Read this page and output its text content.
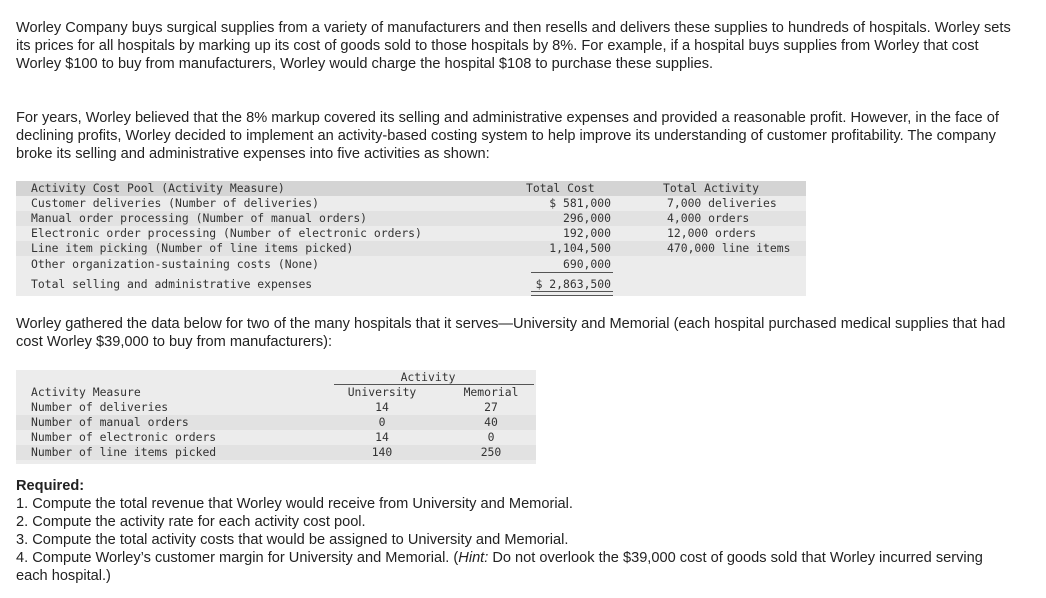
Worley Company buys surgical supplies from a variety of manufacturers and then resells and delivers these supplies to hundreds of hospitals. Worley sets its prices for all hospitals by marking up its cost of goods sold to those hospitals by 8%. For example, if a hospital buys supplies from Worley that cost Worley $100 to buy from manufacturers, Worley would charge the hospital $108 to purchase these supplies.

For years, Worley believed that the 8% markup covered its selling and administrative expenses and provided a reasonable profit. However, in the face of declining profits, Worley decided to implement an activity-based costing system to help improve its understanding of customer profitability. The company broke its selling and administrative expenses into five activities as shown:

Activity Cost Pool (Activity Measure)	Total Cost	Total Activity
Customer deliveries (Number of deliveries)	$ 581,000	7,000 deliveries
Manual order processing (Number of manual orders)	296,000	4,000 orders
Electronic order processing (Number of electronic orders)	192,000	12,000 orders
Line item picking (Number of line items picked)	1,104,500	470,000 line items
Other organization-sustaining costs (None)	690,000
Total selling and administrative expenses	$ 2,863,500

Worley gathered the data below for two of the many hospitals that it serves—University and Memorial (each hospital purchased medical supplies that had cost Worley $39,000 to buy from manufacturers):

Activity
Activity Measure	University	Memorial
Number of deliveries	14	27
Number of manual orders	0	40
Number of electronic orders	14	0
Number of line items picked	140	250
Required:
1. Compute the total revenue that Worley would receive from University and Memorial.
2. Compute the activity rate for each activity cost pool.
3. Compute the total activity costs that would be assigned to University and Memorial.
4. Compute Worley’s customer margin for University and Memorial. (Hint: Do not overlook the $39,000 cost of goods sold that Worley incurred serving each hospital.)
